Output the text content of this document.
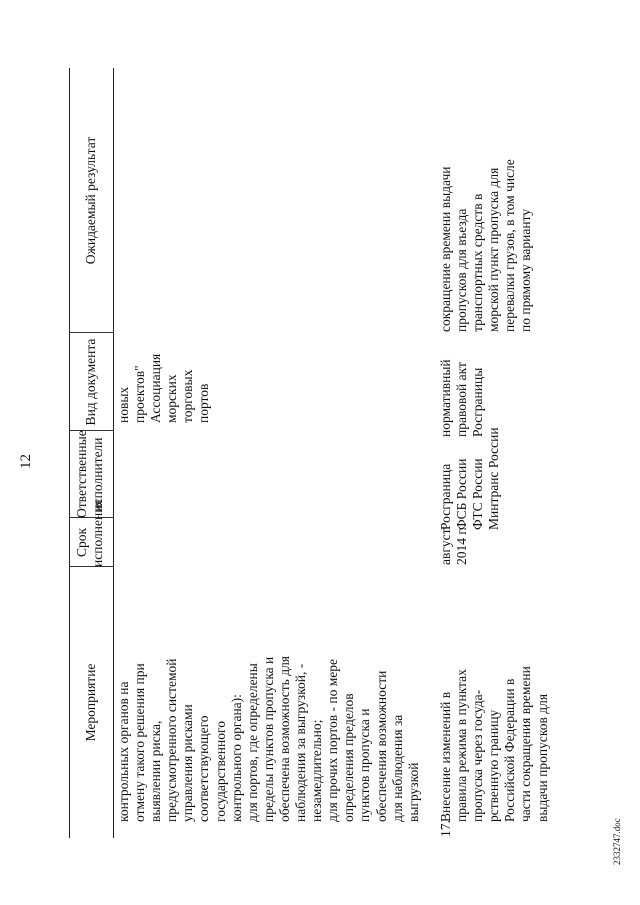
12
2332747.doc
Мероприятие
Срок
исполнения
Ответственные
исполнители
Вид документа
Ожидаемый результат
контрольных органов на
отмену такого решения при
выявлении риска,
предусмотренного системой
управления рисками
соответствующего
государственного
контрольного органа):
для портов, где определены
пределы пунктов пропуска и
обеспечена возможность для
наблюдения за выгрузкой, -
незамедлительно;
для прочих портов - по мере
определения пределов
пунктов пропуска и
обеспечения возможности
для наблюдения за
выгрузкой
новых проектов"
Ассоциация
морских торговых
портов
17.
Внесение изменений в
правила режима в пунктах
пропуска через госуда-
рственную границу
Российской Федерации в
части сокращения времени
выдачи пропусков для
август
2014 г.
Росграница
ФСБ России
ФТС России
Минтранс России
нормативный
правовой акт
Росграницы
сокращение времени выдачи
пропусков для въезда
транспортных средств в
морской пункт пропуска для
перевалки грузов, в том числе
по прямому варианту
